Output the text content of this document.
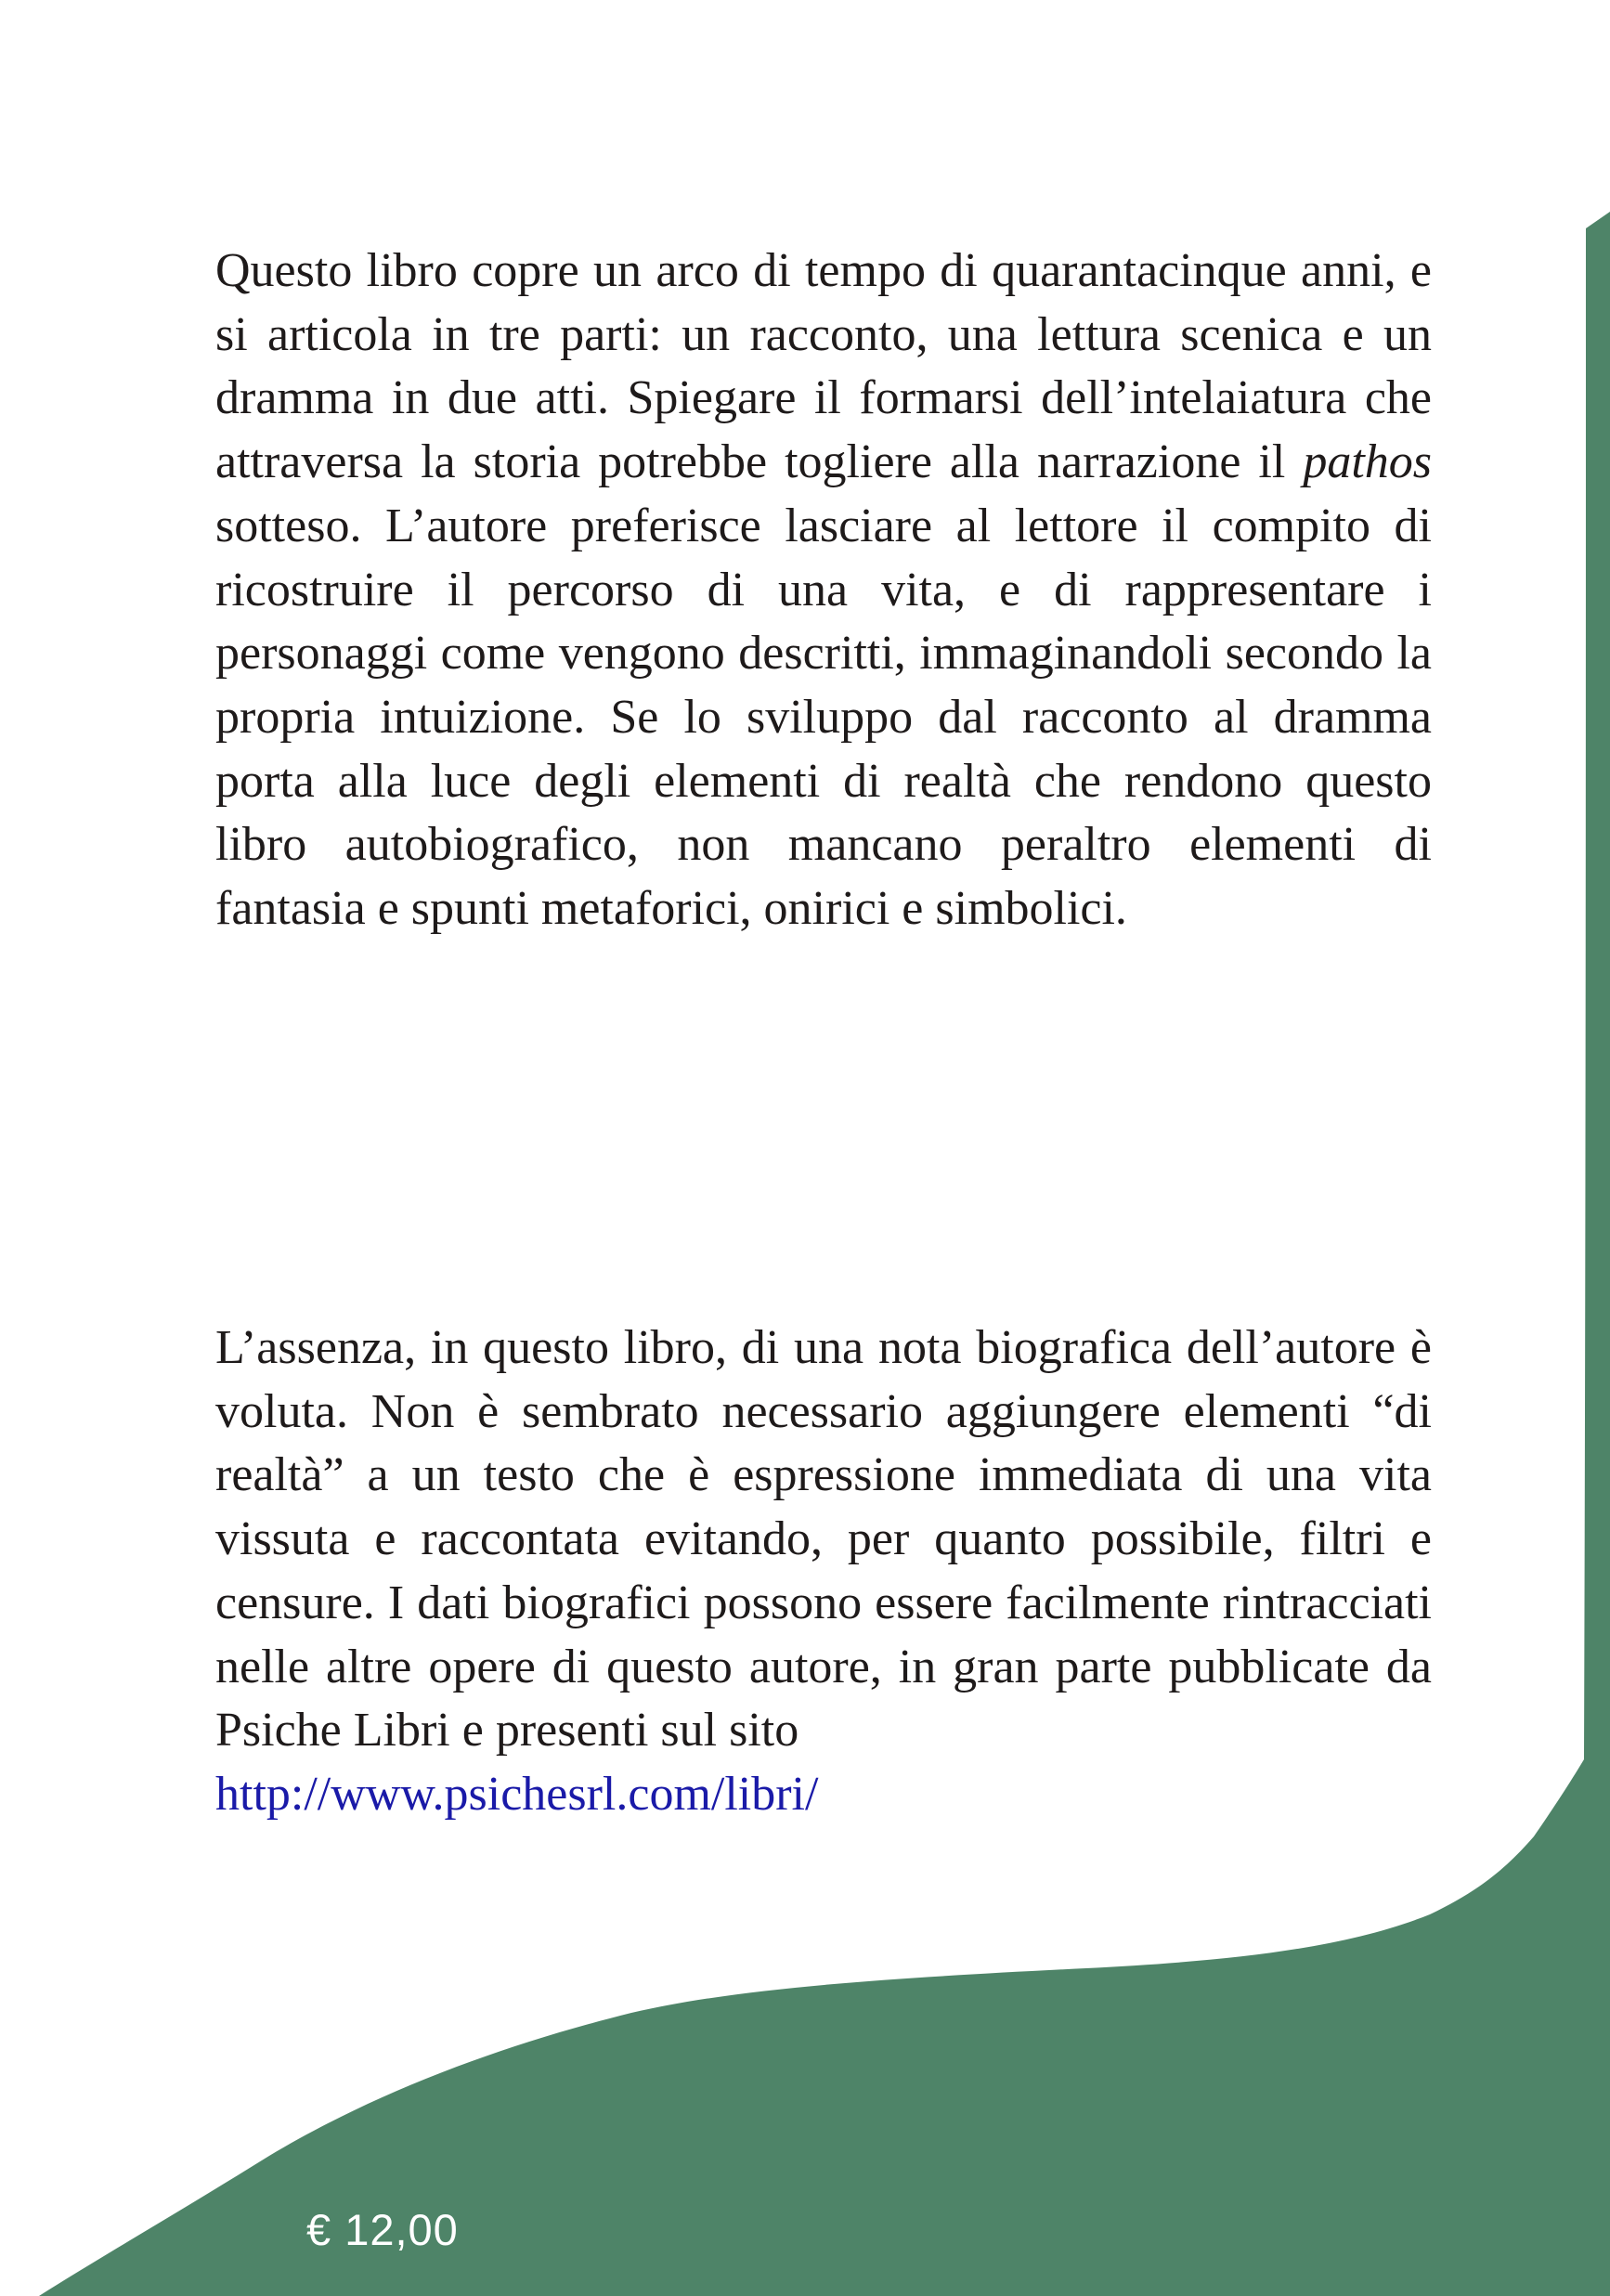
Questo libro copre un arco di tempo di quarantacinque anni, e si articola in tre parti: un racconto, una lettura scenica e un dramma in due atti. Spiegare il formarsi dell’intelaiatura che attraversa la storia potrebbe togliere alla narrazione il pathos sotteso. L’autore preferisce lasciare al lettore il compito di ricostruire il percorso di una vita, e di rappresentare i personaggi come vengono descritti, immaginandoli secondo la propria intuizione. Se lo sviluppo dal racconto al dramma porta alla luce degli elementi di realtà che rendono questo libro autobiografico, non mancano peraltro elementi di fantasia e spunti metaforici, onirici e simbolici.

L’assenza, in questo libro, di una nota biografica dell’autore è voluta. Non è sembrato necessario aggiungere elementi “di realtà” a un testo che è espressione immediata di una vita vissuta e raccontata evitando, per quanto possibile, filtri e censure. I dati biografici possono essere facilmente rintracciati nelle altre opere di questo autore, in gran parte pubblicate da Psiche Libri e presenti sul sito
http://www.psichesrl.com/libri/

€ 12,00
